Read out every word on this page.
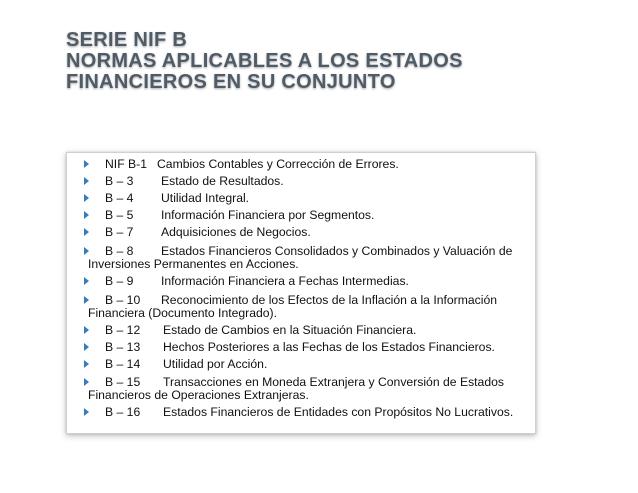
SERIE NIF B
NORMAS APLICABLES A LOS ESTADOS
FINANCIEROS EN SU CONJUNTO
NIF B-1 Cambios Contables y Corrección de Errores.
B – 3 Estado de Resultados.
B – 4 Utilidad Integral.
B – 5 Información Financiera por Segmentos.
B – 7 Adquisiciones de Negocios.
B – 8 Estados Financieros Consolidados y Combinados y Valuación de
Inversiones Permanentes en Acciones.
B – 9 Información Financiera a Fechas Intermedias.
B – 10 Reconocimiento de los Efectos de la Inflación a la Información
Financiera (Documento Integrado).
B – 12 Estado de Cambios en la Situación Financiera.
B – 13 Hechos Posteriores a las Fechas de los Estados Financieros.
B – 14 Utilidad por Acción.
B – 15 Transacciones en Moneda Extranjera y Conversión de Estados
Financieros de Operaciones Extranjeras.
B – 16 Estados Financieros de Entidades con Propósitos No Lucrativos.
